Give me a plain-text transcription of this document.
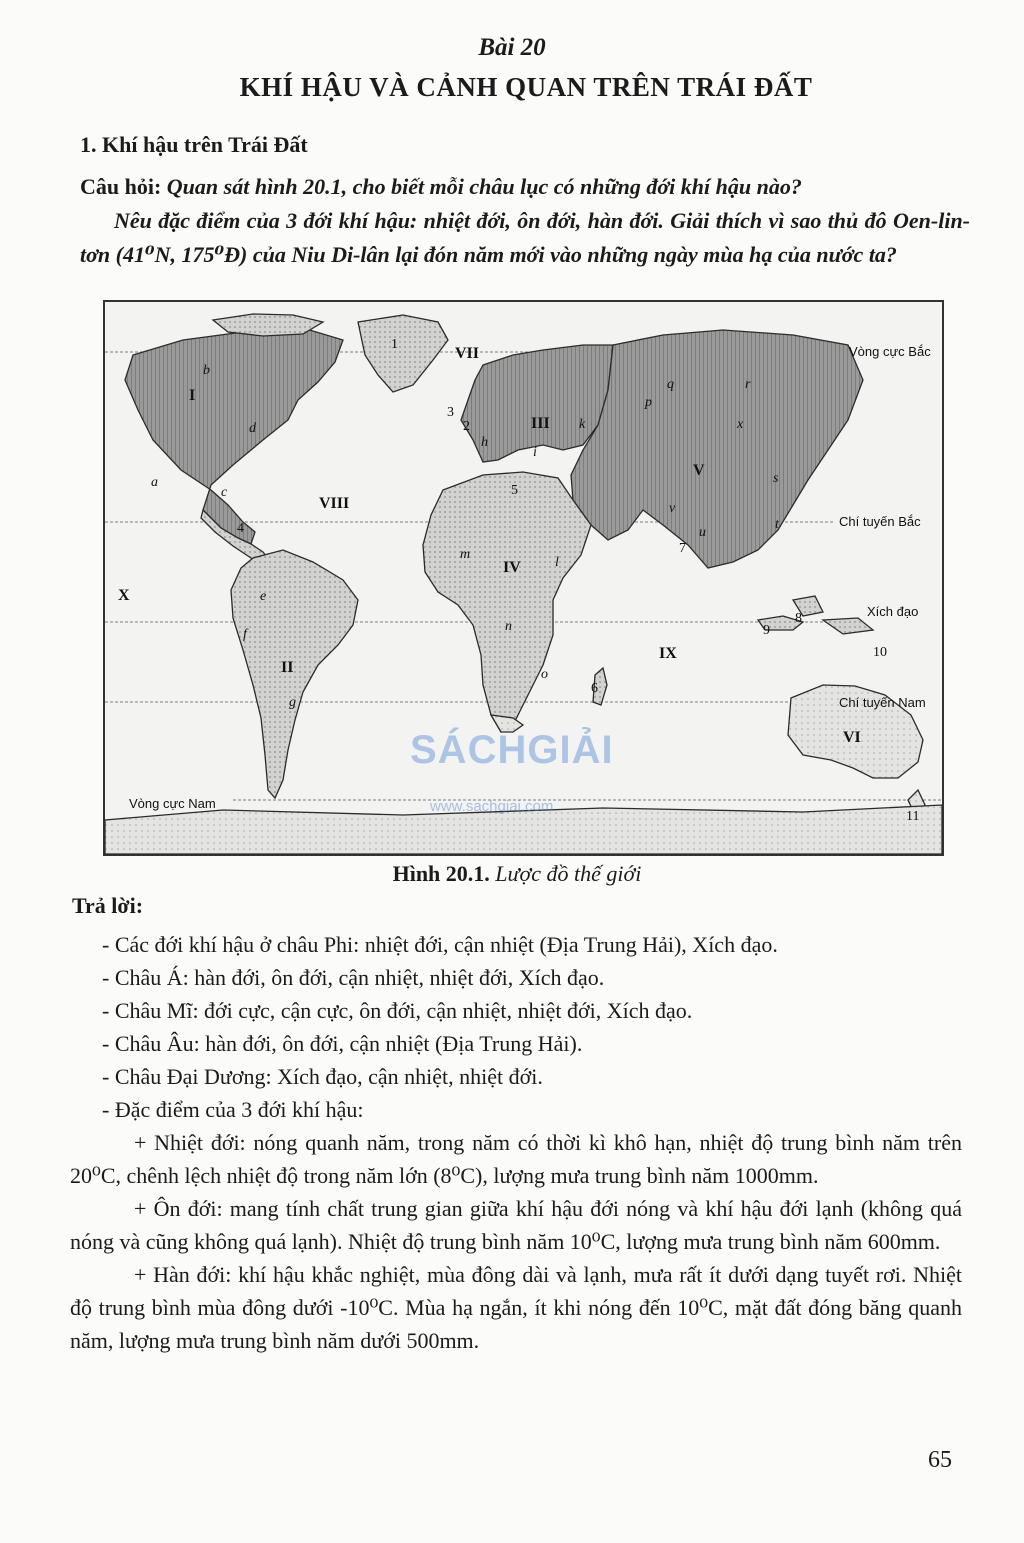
Bài 20
KHÍ HẬU VÀ CẢNH QUAN TRÊN TRÁI ĐẤT
1. Khí hậu trên Trái Đất
Câu hỏi: Quan sát hình 20.1, cho biết mỗi châu lục có những đới khí hậu nào?
Nêu đặc điểm của 3 đới khí hậu: nhiệt đới, ôn đới, hàn đới. Giải thích vì sao thủ đô Oen-lin-tơn (41⁰N, 175⁰Đ) của Niu Di-lân lại đón năm mới vào những ngày mùa hạ của nước ta?
I
II
III
IV
V
VI
VII
VIII
IX
X
a
b
c
d
e
f
g
h
i
k
l
m
n
o
p
q	r
s
t
u
v
x
1
2
3
4
5
6
7
8
9
10
11
Vòng cực Bắc
Chí tuyến Bắc
Xích đạo
Chí tuyến Nam
Vòng cực Nam
SÁCHGIẢI
www.sachgiai.com
Hình 20.1. Lược đồ thế giới
Trả lời:

- Các đới khí hậu ở châu Phi: nhiệt đới, cận nhiệt (Địa Trung Hải), Xích đạo.

- Châu Á: hàn đới, ôn đới, cận nhiệt, nhiệt đới, Xích đạo.

- Châu Mĩ: đới cực, cận cực, ôn đới, cận nhiệt, nhiệt đới, Xích đạo.

- Châu Âu: hàn đới, ôn đới, cận nhiệt (Địa Trung Hải).

- Châu Đại Dương: Xích đạo, cận nhiệt, nhiệt đới.

- Đặc điểm của 3 đới khí hậu:

+ Nhiệt đới: nóng quanh năm, trong năm có thời kì khô hạn, nhiệt độ trung bình năm trên 20⁰C, chênh lệch nhiệt độ trong năm lớn (8⁰C), lượng mưa trung bình năm 1000mm.

+ Ôn đới: mang tính chất trung gian giữa khí hậu đới nóng và khí hậu đới lạnh (không quá nóng và cũng không quá lạnh). Nhiệt độ trung bình năm 10⁰C, lượng mưa trung bình năm 600mm.

+ Hàn đới: khí hậu khắc nghiệt, mùa đông dài và lạnh, mưa rất ít dưới dạng tuyết rơi. Nhiệt độ trung bình mùa đông dưới -10⁰C. Mùa hạ ngắn, ít khi nóng đến 10⁰C, mặt đất đóng băng quanh năm, lượng mưa trung bình năm dưới 500mm.

65
